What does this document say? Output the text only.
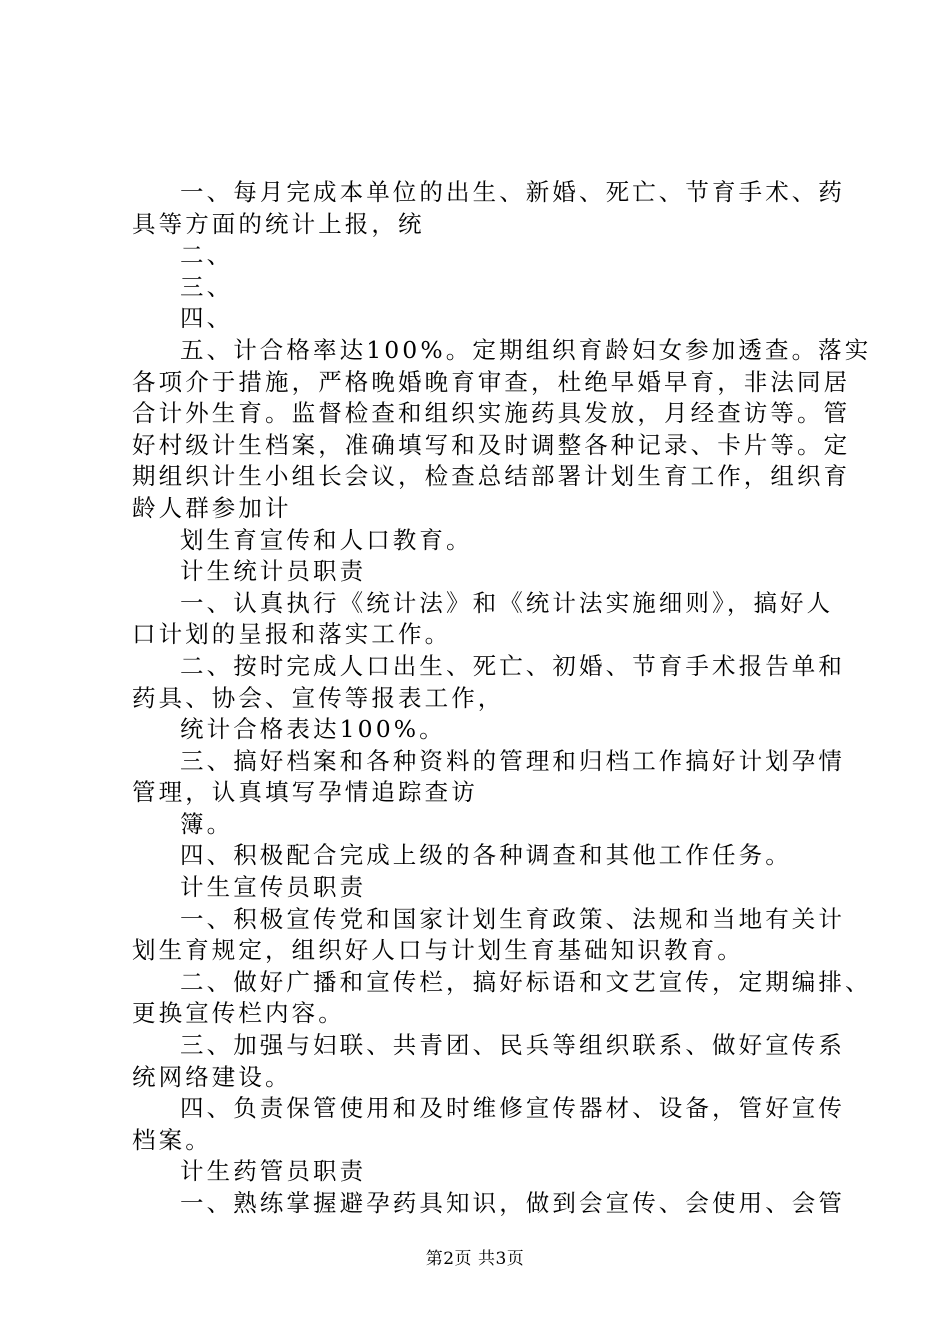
一、每月完成本单位的出生、新婚、死亡、节育手术、药
具等方面的统计上报，统
二、
三、
四、
五、计合格率达100%。定期组织育龄妇女参加透查。落实
各项介于措施，严格晚婚晚育审查，杜绝早婚早育，非法同居
合计外生育。监督检查和组织实施药具发放，月经查访等。管
好村级计生档案，准确填写和及时调整各种记录、卡片等。定
期组织计生小组长会议，检查总结部署计划生育工作，组织育
龄人群参加计
划生育宣传和人口教育。
计生统计员职责
一、认真执行《统计法》和《统计法实施细则》，搞好人
口计划的呈报和落实工作。
二、按时完成人口出生、死亡、初婚、节育手术报告单和
药具、协会、宣传等报表工作，
统计合格表达100%。
三、搞好档案和各种资料的管理和归档工作搞好计划孕情
管理，认真填写孕情追踪查访
簿。
四、积极配合完成上级的各种调查和其他工作任务。
计生宣传员职责
一、积极宣传党和国家计划生育政策、法规和当地有关计
划生育规定，组织好人口与计划生育基础知识教育。
二、做好广播和宣传栏，搞好标语和文艺宣传，定期编排、
更换宣传栏内容。
三、加强与妇联、共青团、民兵等组织联系、做好宣传系
统网络建设。
四、负责保管使用和及时维修宣传器材、设备，管好宣传
档案。
计生药管员职责
一、熟练掌握避孕药具知识，做到会宣传、会使用、会管
第2页 共3页
